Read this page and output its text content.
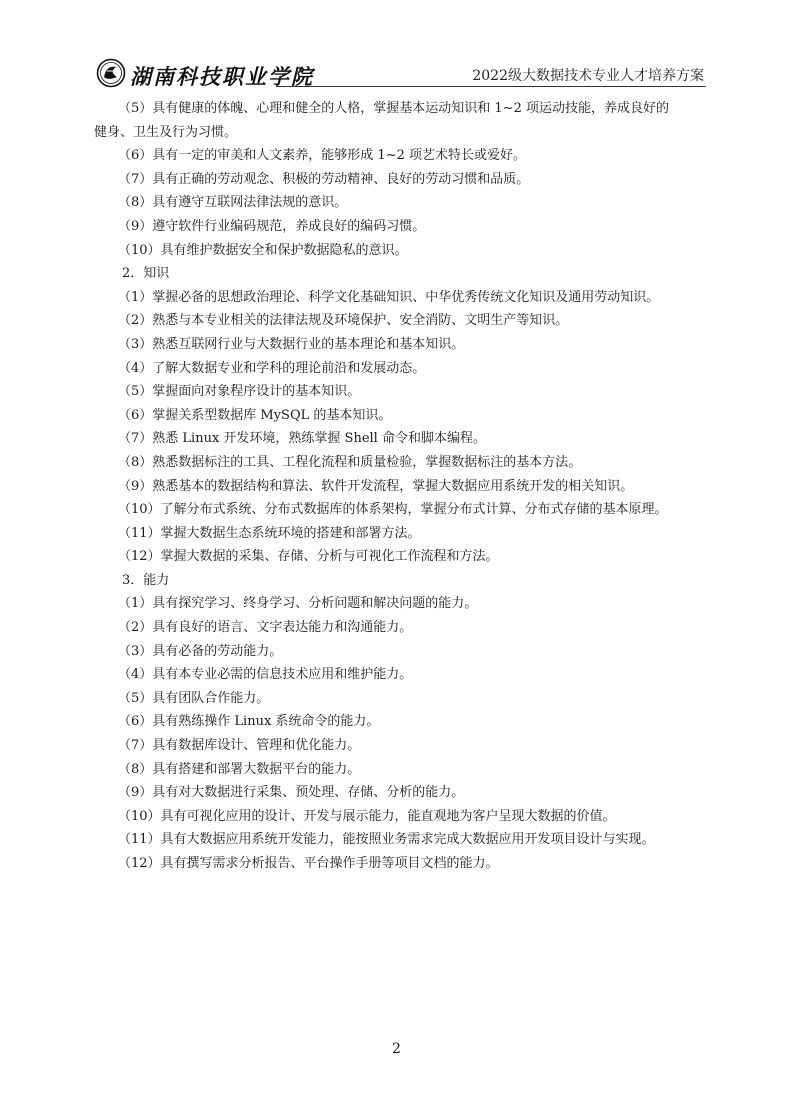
湖南科技职业学院	2022级大数据技术专业人才培养方案
（5）具有健康的体魄、心理和健全的人格，掌握基本运动知识和 1~2 项运动技能，养成良好的
健身、卫生及行为习惯。
（6）具有一定的审美和人文素养，能够形成 1~2 项艺术特长或爱好。
（7）具有正确的劳动观念、积极的劳动精神、良好的劳动习惯和品质。
（8）具有遵守互联网法律法规的意识。
（9）遵守软件行业编码规范，养成良好的编码习惯。
（10）具有维护数据安全和保护数据隐私的意识。
2．知识
（1）掌握必备的思想政治理论、科学文化基础知识、中华优秀传统文化知识及通用劳动知识。
（2）熟悉与本专业相关的法律法规及环境保护、安全消防、文明生产等知识。
（3）熟悉互联网行业与大数据行业的基本理论和基本知识。
（4）了解大数据专业和学科的理论前沿和发展动态。
（5）掌握面向对象程序设计的基本知识。
（6）掌握关系型数据库 MySQL 的基本知识。
（7）熟悉 Linux 开发环境，熟练掌握 Shell 命令和脚本编程。
（8）熟悉数据标注的工具、工程化流程和质量检验，掌握数据标注的基本方法。
（9）熟悉基本的数据结构和算法、软件开发流程，掌握大数据应用系统开发的相关知识。
（10）了解分布式系统、分布式数据库的体系架构，掌握分布式计算、分布式存储的基本原理。
（11）掌握大数据生态系统环境的搭建和部署方法。
（12）掌握大数据的采集、存储、分析与可视化工作流程和方法。
3．能力
（1）具有探究学习、终身学习、分析问题和解决问题的能力。
（2）具有良好的语言、文字表达能力和沟通能力。
（3）具有必备的劳动能力。
（4）具有本专业必需的信息技术应用和维护能力。
（5）具有团队合作能力。
（6）具有熟练操作 Linux 系统命令的能力。
（7）具有数据库设计、管理和优化能力。
（8）具有搭建和部署大数据平台的能力。
（9）具有对大数据进行采集、预处理、存储、分析的能力。
（10）具有可视化应用的设计、开发与展示能力，能直观地为客户呈现大数据的价值。
（11）具有大数据应用系统开发能力，能按照业务需求完成大数据应用开发项目设计与实现。
（12）具有撰写需求分析报告、平台操作手册等项目文档的能力。
2
